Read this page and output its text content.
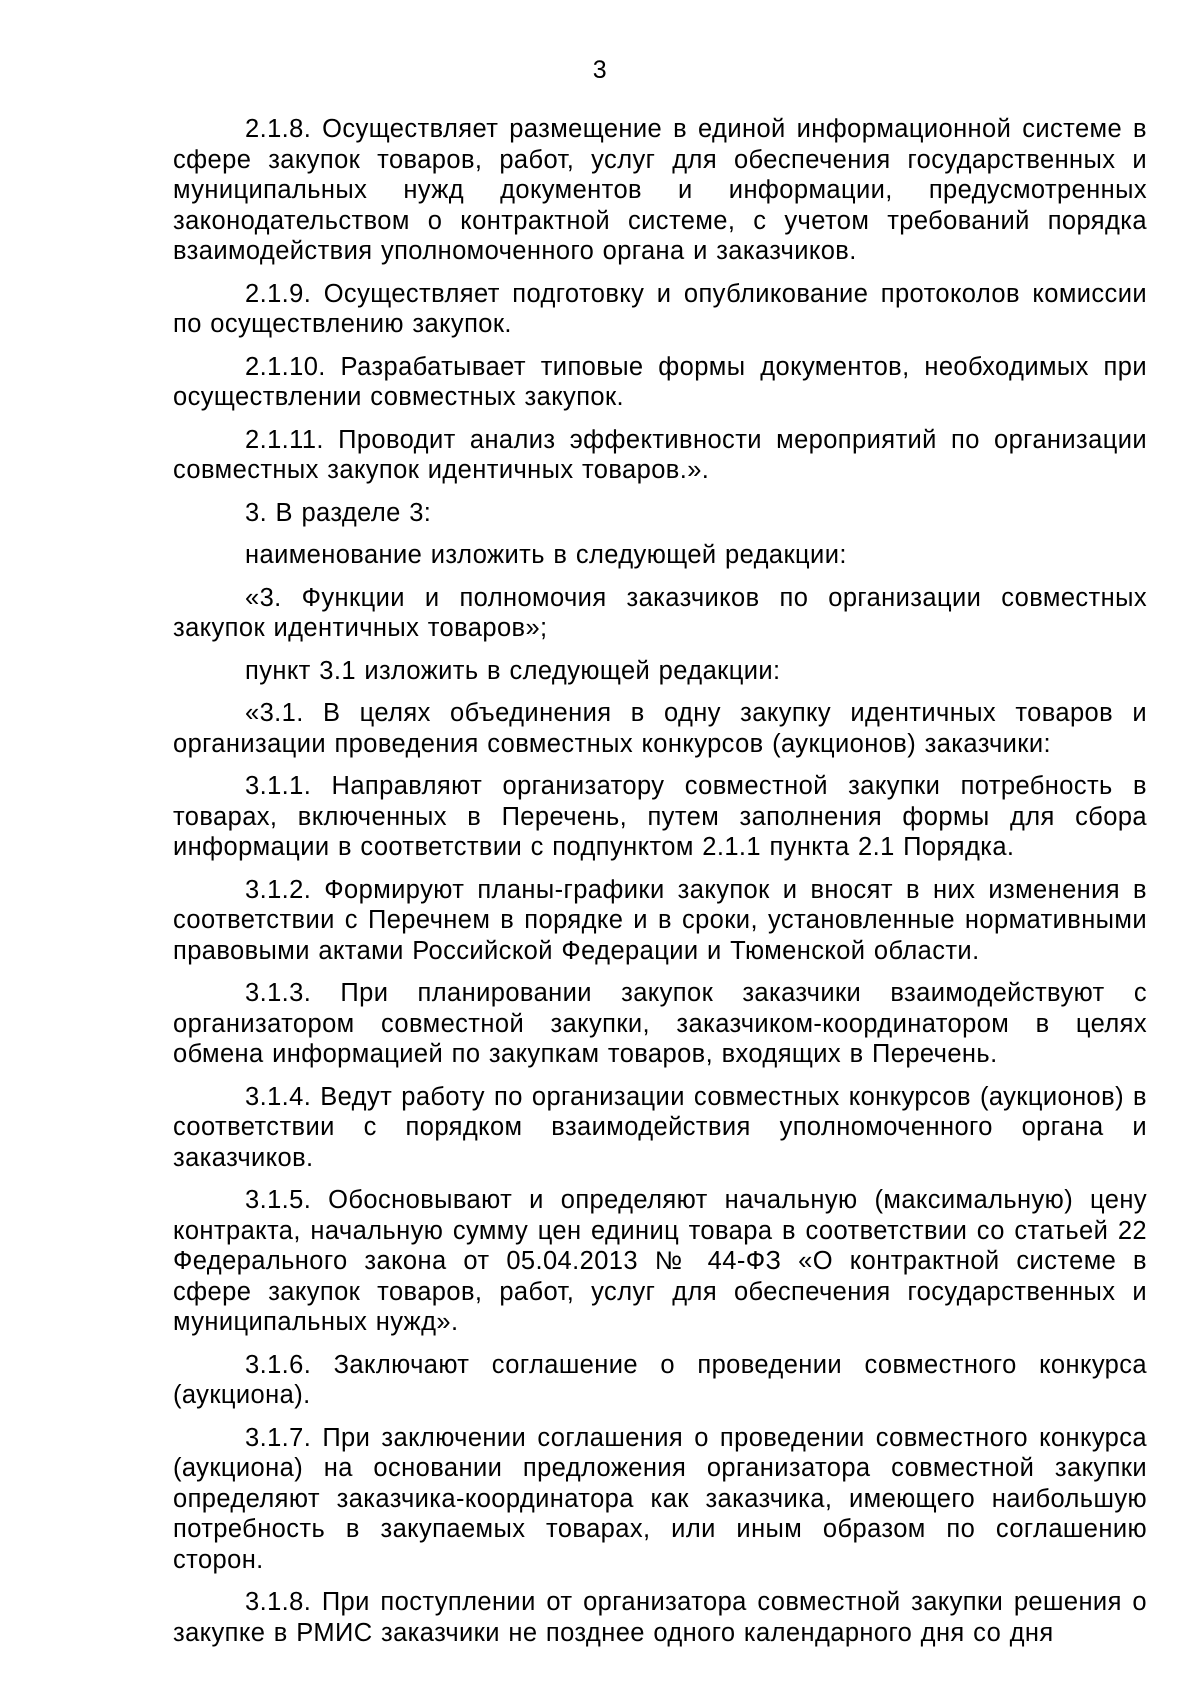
3

2.1.8. Осуществляет размещение в единой информационной системе в сфере закупок товаров, работ, услуг для обеспечения государственных и муниципальных нужд документов и информации, предусмотренных законодательством о контрактной системе, с учетом требований порядка взаимодействия уполномоченного органа и заказчиков.

2.1.9. Осуществляет подготовку и опубликование протоколов комиссии по осуществлению закупок.

2.1.10. Разрабатывает типовые формы документов, необходимых при осуществлении совместных закупок.

2.1.11. Проводит анализ эффективности мероприятий по организации совместных закупок идентичных товаров.».

3. В разделе 3:

наименование изложить в следующей редакции:

«3. Функции и полномочия заказчиков по организации совместных закупок идентичных товаров»;

пункт 3.1 изложить в следующей редакции:

«3.1. В целях объединения в одну закупку идентичных товаров и организации проведения совместных конкурсов (аукционов) заказчики:

3.1.1. Направляют организатору совместной закупки потребность в товарах, включенных в Перечень, путем заполнения формы для сбора информации в соответствии с подпунктом 2.1.1 пункта 2.1 Порядка.

3.1.2. Формируют планы-графики закупок и вносят в них изменения в соответствии с Перечнем в порядке и в сроки, установленные нормативными правовыми актами Российской Федерации и Тюменской области.

3.1.3. При планировании закупок заказчики взаимодействуют с организатором совместной закупки, заказчиком-координатором в целях обмена информацией по закупкам товаров, входящих в Перечень.

3.1.4. Ведут работу по организации совместных конкурсов (аукционов) в соответствии с порядком взаимодействия уполномоченного органа и заказчиков.

3.1.5. Обосновывают и определяют начальную (максимальную) цену контракта, начальную сумму цен единиц товара в соответствии со статьей 22 Федерального закона от 05.04.2013 № 44-ФЗ «О контрактной системе в сфере закупок товаров, работ, услуг для обеспечения государственных и муниципальных нужд».

3.1.6. Заключают соглашение о проведении совместного конкурса (аукциона).

3.1.7. При заключении соглашения о проведении совместного конкурса (аукциона) на основании предложения организатора совместной закупки определяют заказчика-координатора как заказчика, имеющего наибольшую потребность в закупаемых товарах, или иным образом по соглашению сторон.

3.1.8. При поступлении от организатора совместной закупки решения о закупке в РМИС заказчики не позднее одного календарного дня со дня
